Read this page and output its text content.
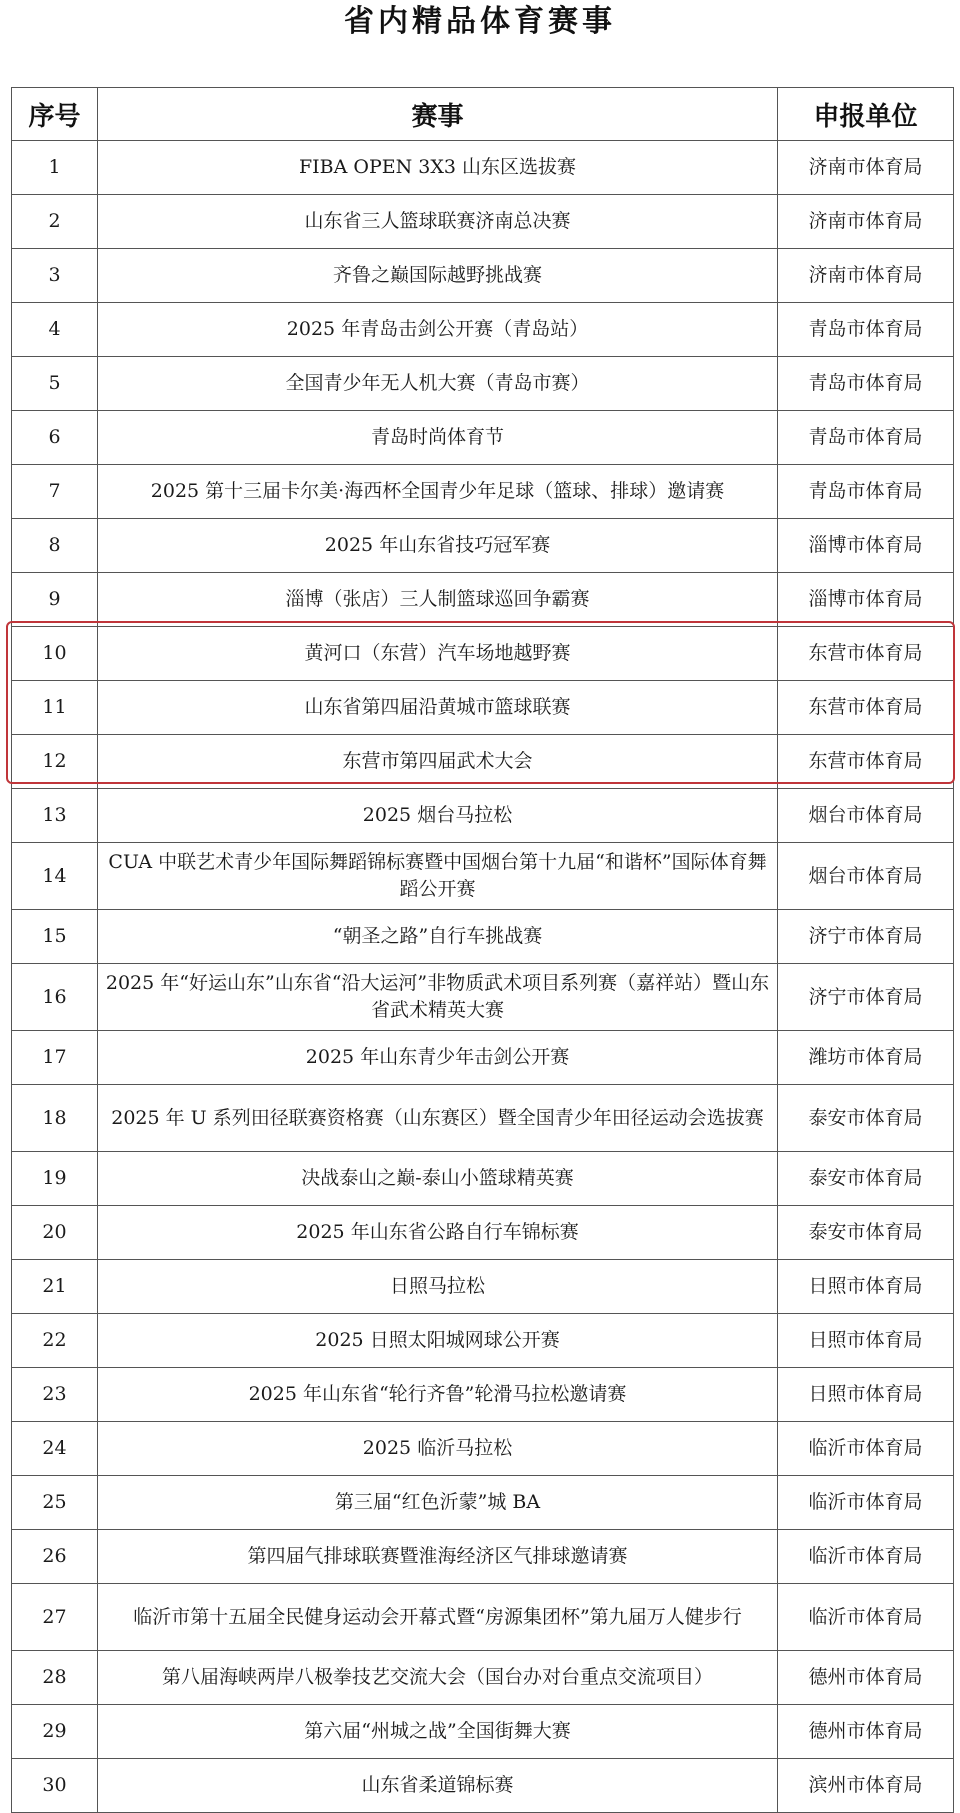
省内精品体育赛事
序号	赛事	申报单位
1	FIBA OPEN 3X3 山东区选拔赛	济南市体育局
2	山东省三人篮球联赛济南总决赛	济南市体育局
3	齐鲁之巅国际越野挑战赛	济南市体育局
4	2025 年青岛击剑公开赛（青岛站）	青岛市体育局
5	全国青少年无人机大赛（青岛市赛）	青岛市体育局
6	青岛时尚体育节	青岛市体育局
7	2025 第十三届卡尔美·海西杯全国青少年足球（篮球、排球）邀请赛	青岛市体育局
8	2025 年山东省技巧冠军赛	淄博市体育局
9	淄博（张店）三人制篮球巡回争霸赛	淄博市体育局
10	黄河口（东营）汽车场地越野赛	东营市体育局
11	山东省第四届沿黄城市篮球联赛	东营市体育局
12	东营市第四届武术大会	东营市体育局
13	2025 烟台马拉松	烟台市体育局
14	CUA 中联艺术青少年国际舞蹈锦标赛暨中国烟台第十九届“和谐杯”国际体育舞蹈公开赛	烟台市体育局
15	“朝圣之路”自行车挑战赛	济宁市体育局
16	2025 年“好运山东”山东省“沿大运河”非物质武术项目系列赛（嘉祥站）暨山东省武术精英大赛	济宁市体育局
17	2025 年山东青少年击剑公开赛	潍坊市体育局
18	2025 年 U 系列田径联赛资格赛（山东赛区）暨全国青少年田径运动会选拔赛	泰安市体育局
19	决战泰山之巅-泰山小篮球精英赛	泰安市体育局
20	2025 年山东省公路自行车锦标赛	泰安市体育局
21	日照马拉松	日照市体育局
22	2025 日照太阳城网球公开赛	日照市体育局
23	2025 年山东省“轮行齐鲁”轮滑马拉松邀请赛	日照市体育局
24	2025 临沂马拉松	临沂市体育局
25	第三届“红色沂蒙”城 BA	临沂市体育局
26	第四届气排球联赛暨淮海经济区气排球邀请赛	临沂市体育局
27	临沂市第十五届全民健身运动会开幕式暨“房源集团杯”第九届万人健步行	临沂市体育局
28	第八届海峡两岸八极拳技艺交流大会（国台办对台重点交流项目）	德州市体育局
29	第六届“州城之战”全国街舞大赛	德州市体育局
30	山东省柔道锦标赛	滨州市体育局
